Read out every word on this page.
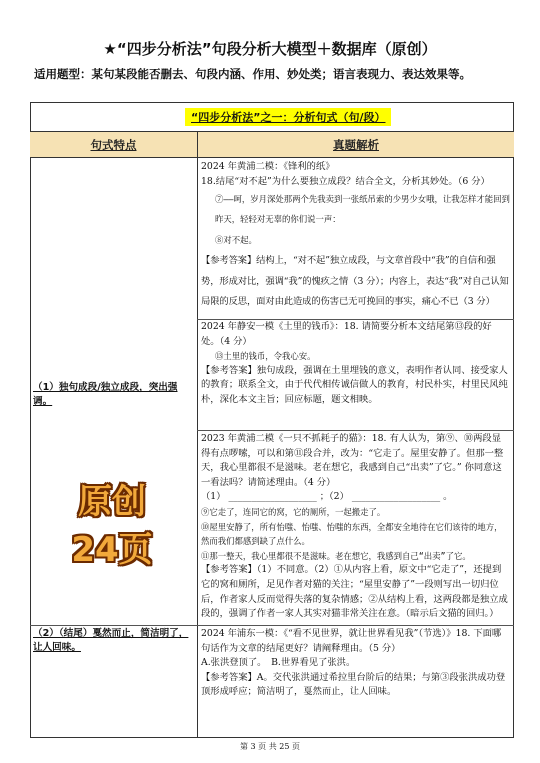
★“四步分析法”句段分析大模型＋数据库（原创）
适用题型：某句某段能否删去、句段内涵、作用、妙处类；语言表现力、表达效果等。
“四步分析法”之一：分析句式（句/段）
句式特点	真题解析
（1）独句成段/独立成段，突出强调。
原创
24页

2024 年黄浦二模：《锋利的纸》

18.结尾“对不起”为什么要独立成段？结合全文，分析其妙处。（6 分）

⑦——呵，岁月深处那两个先我卖到一张纸吊索的少男少女哦，让我怎样才能回到昨天，轻轻对无辜的你们说一声：

⑧对不起。

【参考答案】结构上，“对不起”独立成段，与文章首段中“我”的自信和强势，形成对比，强调“我”的愧疚之情（3 分）；内容上，表达“我”对自己认知局限的反思，面对由此造成的伤害已无可挽回的事实，痛心不已（3 分）

2024 年静安一模《土里的钱币》：18. 请简要分析本文结尾第⑬段的好处。（4 分）

⑬土里的钱币，令我心安。

【参考答案】独句成段，强调在土里埋钱的意义，表明作者认同、接受家人的教育；联系全文，由于代代相传诚信做人的教育，村民朴实，村里民风纯朴，深化本文主旨；回应标题，题文相映。

2023 年黄浦二模《一只不抓耗子的猫》：18. 有人认为，第⑨、⑩两段显得有点啰嗦，可以和第⑪段合并，改为：“它走了。屋里安静了。但那一整天，我心里都很不是滋味。老在想它，我感到自己“出卖”了它。” 你同意这一看法吗？请简述理由。（4 分）

（1） ___________________ ；（2） ___________________ 。

⑨它走了，连同它的窝，它的厕所，一起搬走了。

⑩屋里安静了，所有怡嗤、怡嗤、怡嗤的东西，全都安全地待在它们该待的地方，然而我们都感到缺了点什么。

⑪那一整天，我心里都很不是滋味。老在想它，我感到自己“出卖”了它。

【参考答案】（1）不同意。（2）①从内容上看，原文中“它走了”，还提到它的窝和厕所，足见作者对猫的关注；“屋里安静了”一段则写出一切归位后，作者家人反而觉得失落的复杂情感；②从结构上看，这两段都是独立成段的，强调了作者一家人其实对猫非常关注在意。（暗示后文猫的回归。）

（2）（结尾）戛然而止，简洁明了，让人回味。

2024 年浦东一模：《“看不见世界，就让世界看见我”（节选）》18. 下面哪句话作为文章的结尾更好？请阐释理由。（5 分）

A.张洪登顶了。　B.世界看见了张洪。

【参考答案】A。交代张洪通过希拉里台阶后的结果；与第③段张洪成功登顶形成呼应；简洁明了，戛然而止，让人回味。

第 3 页 共 25 页
